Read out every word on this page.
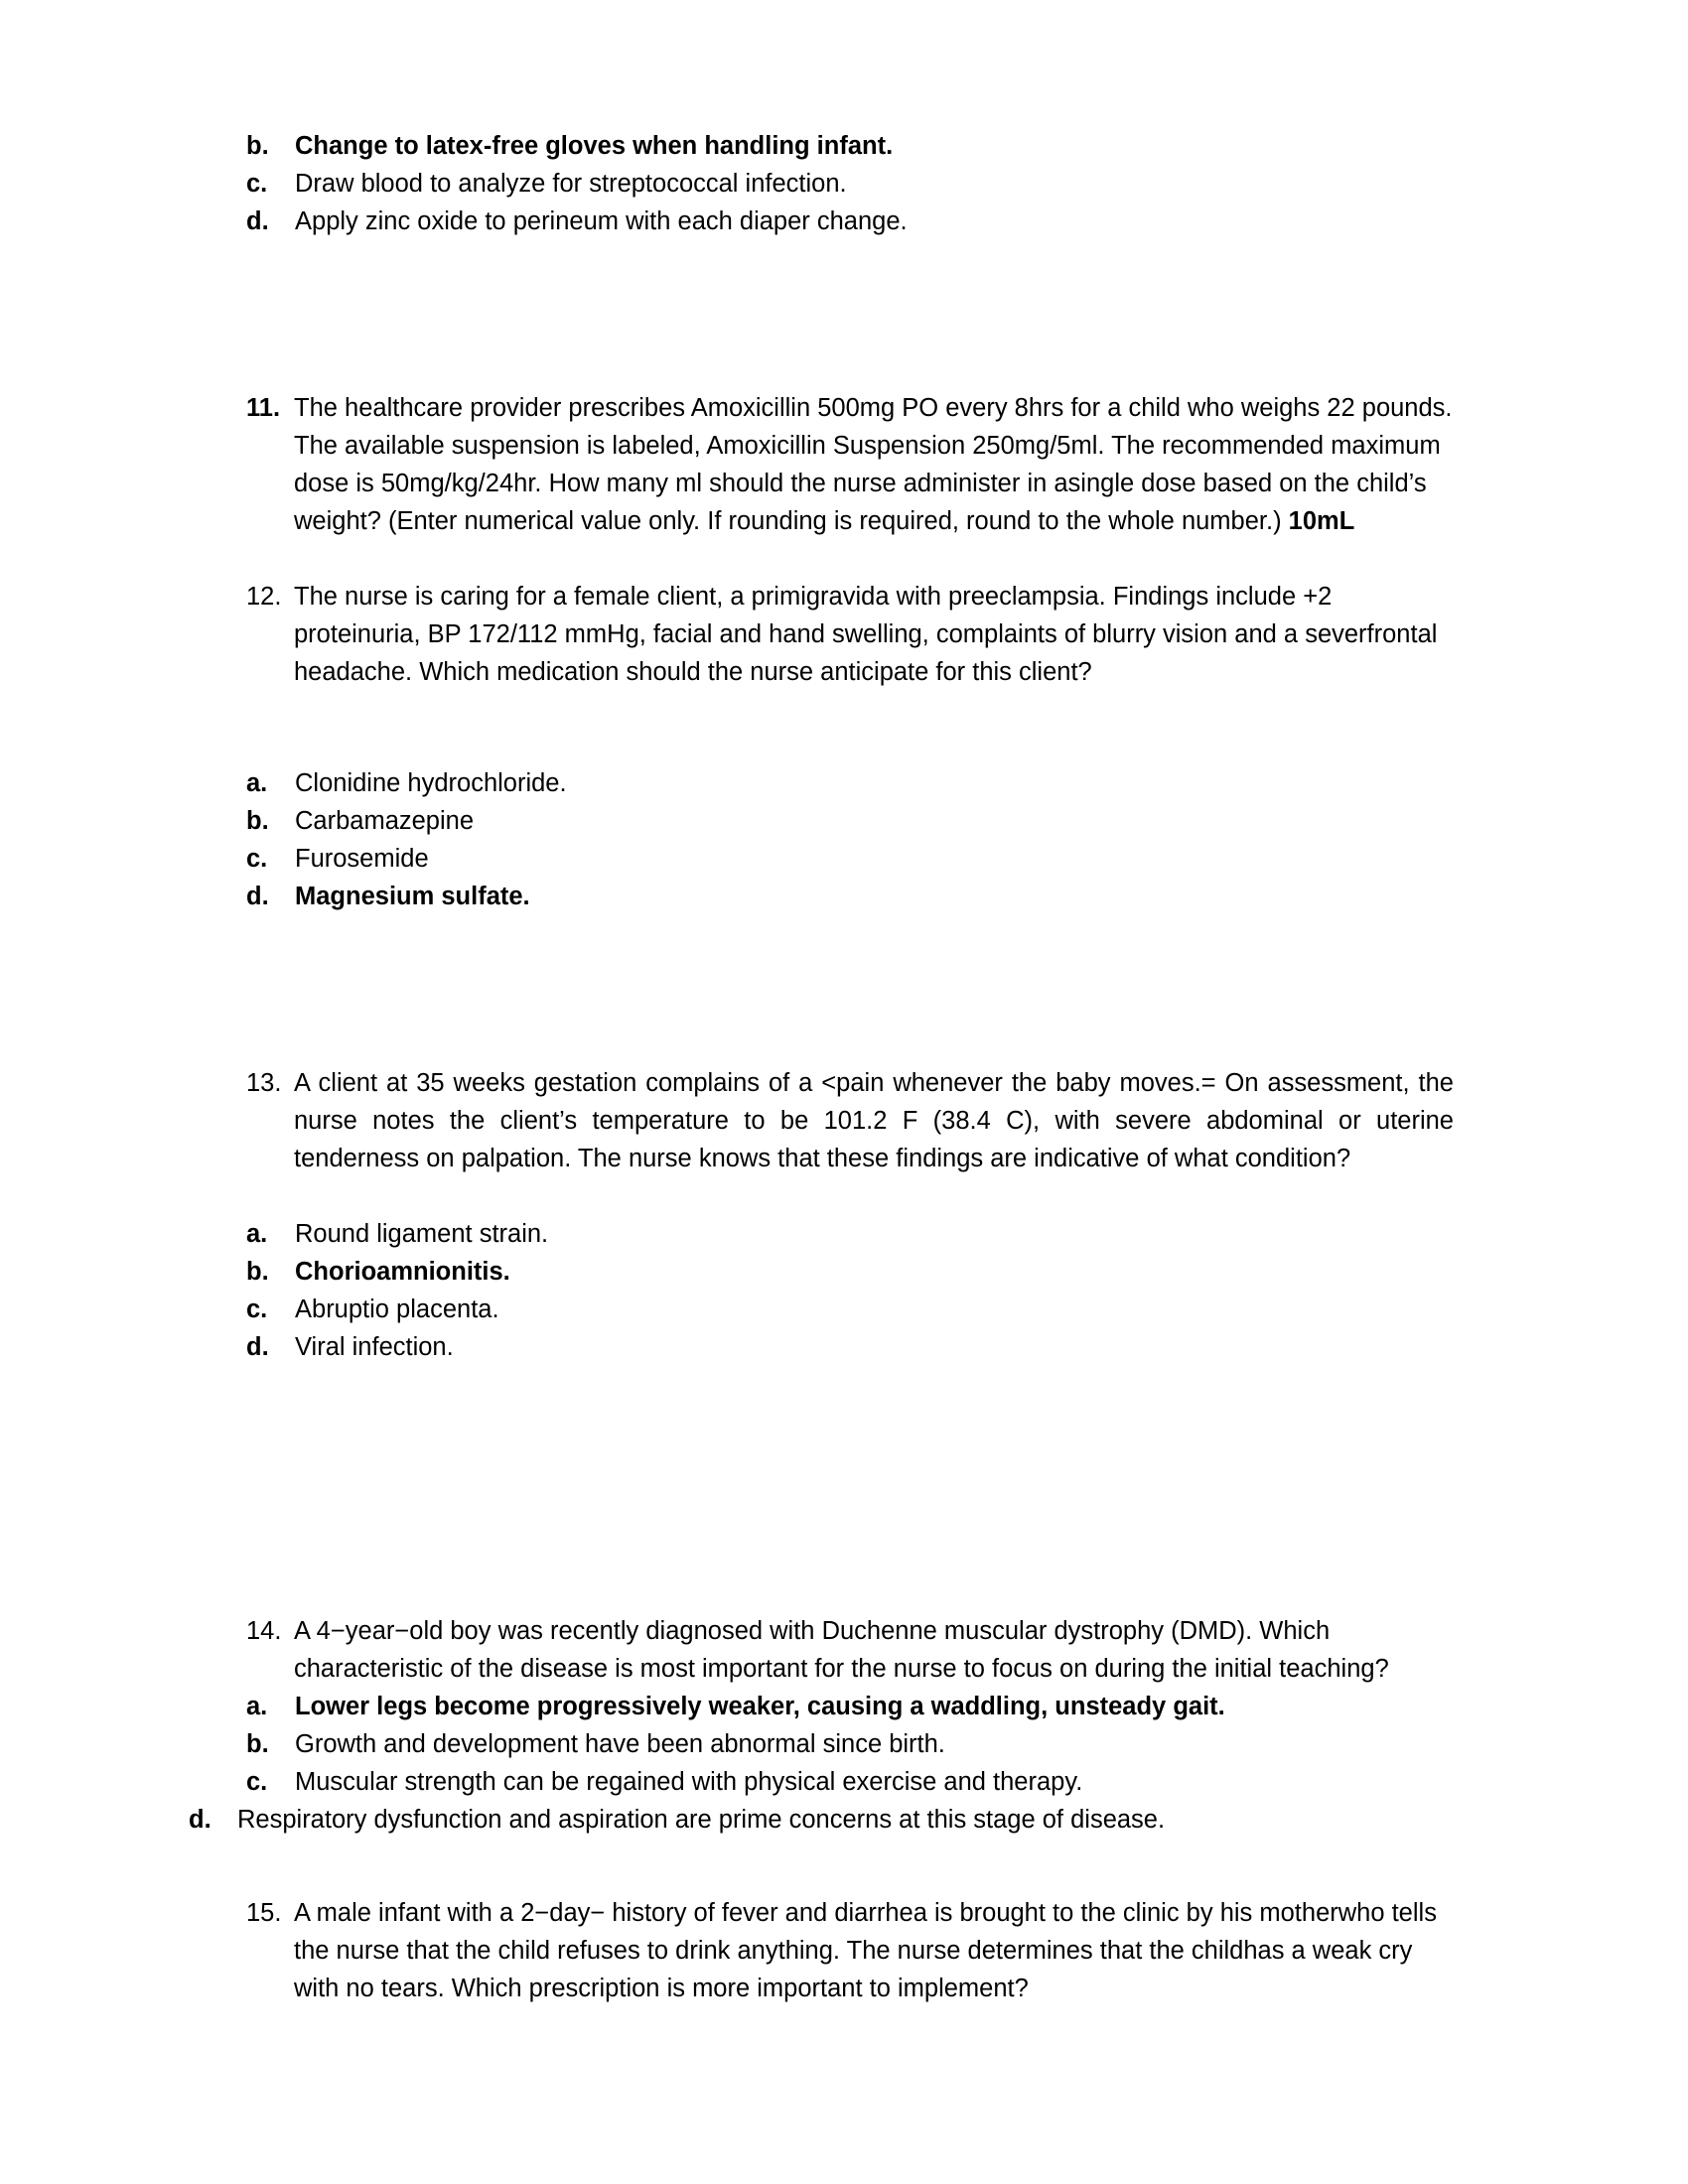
b.	Change to latex-free gloves when handling infant.
c.	Draw blood to analyze for streptococcal infection.
d.	Apply zinc oxide to perineum with each diaper change.
11. The healthcare provider prescribes Amoxicillin 500mg PO every 8hrs for a child who weighs 22 pounds. The available suspension is labeled, Amoxicillin Suspension 250mg/5ml. The recommended maximum dose is 50mg/kg/24hr. How many ml should the nurse administer in asingle dose based on the child’s weight? (Enter numerical value only. If rounding is required, round to the whole number.) 10mL
12. The nurse is caring for a female client, a primigravida with preeclampsia. Findings include +2 proteinuria, BP 172/112 mmHg, facial and hand swelling, complaints of blurry vision and a severfrontal headache. Which medication should the nurse anticipate for this client?
a.	Clonidine hydrochloride.
b.	Carbamazepine
c.	Furosemide
d.	Magnesium sulfate.
13. A client at 35 weeks gestation complains of a <pain whenever the baby moves.= On assessment, the nurse notes the client’s temperature to be 101.2 F (38.4 C), with severe abdominal or uterine tenderness on palpation. The nurse knows that these findings are indicative of what condition?
a.	Round ligament strain.
b.	Chorioamnionitis.
c.	Abruptio placenta.
d.	Viral infection.
14. A 4−year−old boy was recently diagnosed with Duchenne muscular dystrophy (DMD). Which characteristic of the disease is most important for the nurse to focus on during the initial teaching?
a.	Lower legs become progressively weaker, causing a waddling, unsteady gait.
b.	Growth and development have been abnormal since birth.
c.	Muscular strength can be regained with physical exercise and therapy.
d.	Respiratory dysfunction and aspiration are prime concerns at this stage of disease.
15. A male infant with a 2−day− history of fever and diarrhea is brought to the clinic by his motherwho tells the nurse that the child refuses to drink anything. The nurse determines that the childhas a weak cry with no tears. Which prescription is more important to implement?
